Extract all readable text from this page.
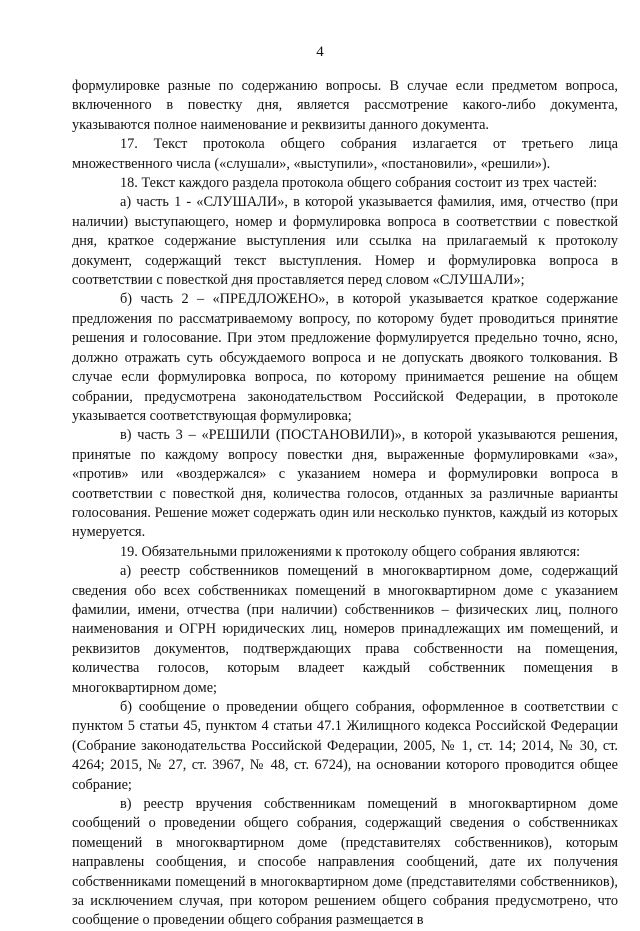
4

формулировке разные по содержанию вопросы. В случае если предметом вопроса, включенного в повестку дня, является рассмотрение какого-либо документа, указываются полное наименование и реквизиты данного документа.

17. Текст протокола общего собрания излагается от третьего лица множественного числа («слушали», «выступили», «постановили», «решили»).

18. Текст каждого раздела протокола общего собрания состоит из трех частей:

а) часть 1 - «СЛУШАЛИ», в которой указывается фамилия, имя, отчество (при наличии) выступающего, номер и формулировка вопроса в соответствии с повесткой дня, краткое содержание выступления или ссылка на прилагаемый к протоколу документ, содержащий текст выступления. Номер и формулировка вопроса в соответствии с повесткой дня проставляется перед словом «СЛУШАЛИ»;

б) часть 2 – «ПРЕДЛОЖЕНО», в которой указывается краткое содержание предложения по рассматриваемому вопросу, по которому будет проводиться принятие решения и голосование. При этом предложение формулируется предельно точно, ясно, должно отражать суть обсуждаемого вопроса и не допускать двоякого толкования. В случае если формулировка вопроса, по которому принимается решение на общем собрании, предусмотрена законодательством Российской Федерации, в протоколе указывается соответствующая формулировка;

в) часть 3 – «РЕШИЛИ (ПОСТАНОВИЛИ)», в которой указываются решения, принятые по каждому вопросу повестки дня, выраженные формулировками «за», «против» или «воздержался» с указанием номера и формулировки вопроса в соответствии с повесткой дня, количества голосов, отданных за различные варианты голосования. Решение может содержать один или несколько пунктов, каждый из которых нумеруется.

19. Обязательными приложениями к протоколу общего собрания являются:

а) реестр собственников помещений в многоквартирном доме, содержащий сведения обо всех собственниках помещений в многоквартирном доме с указанием фамилии, имени, отчества (при наличии) собственников – физических лиц, полного наименования и ОГРН юридических лиц, номеров принадлежащих им помещений, и реквизитов документов, подтверждающих права собственности на помещения, количества голосов, которым владеет каждый собственник помещения в многоквартирном доме;

б) сообщение о проведении общего собрания, оформленное в соответствии с пунктом 5 статьи 45, пунктом 4 статьи 47.1 Жилищного кодекса Российской Федерации (Собрание законодательства Российской Федерации, 2005, № 1, ст. 14; 2014, № 30, ст. 4264; 2015, № 27, ст. 3967, № 48, ст. 6724), на основании которого проводится общее собрание;

в) реестр вручения собственникам помещений в многоквартирном доме сообщений о проведении общего собрания, содержащий сведения о собственниках помещений в многоквартирном доме (представителях собственников), которым направлены сообщения, и способе направления сообщений, дате их получения собственниками помещений в многоквартирном доме (представителями собственников), за исключением случая, при котором решением общего собрания предусмотрено, что сообщение о проведении общего собрания размещается в
